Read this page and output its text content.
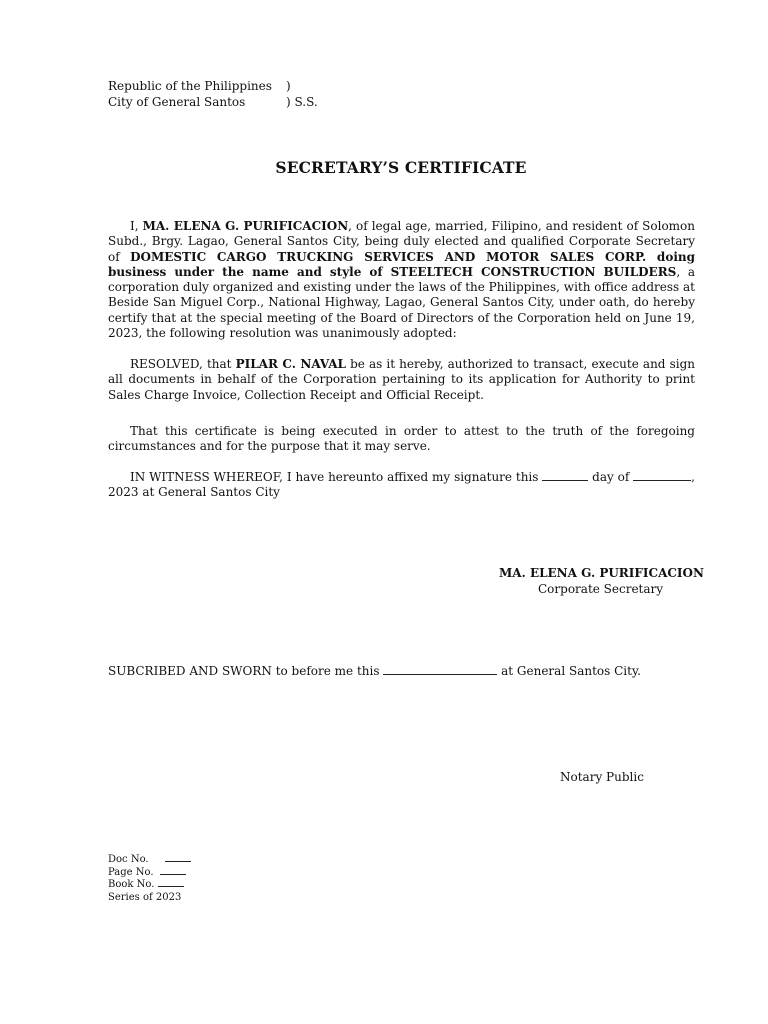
Republic of the Philippines )
City of General Santos	) S.S.
SECRETARY’S CERTIFICATE
I, MA. ELENA G. PURIFICACION, of legal age, married, Filipino, and resident of Solomon Subd., Brgy. Lagao, General Santos City, being duly elected and qualified Corporate Secretary of DOMESTIC CARGO TRUCKING SERVICES AND MOTOR SALES CORP. doing business under the name and style of STEELTECH CONSTRUCTION BUILDERS, a corporation duly organized and existing under the laws of the Philippines, with office address at Beside San Miguel Corp., National Highway, Lagao, General Santos City, under oath, do hereby certify that at the special meeting of the Board of Directors of the Corporation held on June 19, 2023, the following resolution was unanimously adopted:
RESOLVED, that PILAR C. NAVAL be as it hereby, authorized to transact, execute and sign all documents in behalf of the Corporation pertaining to its application for Authority to print Sales Charge Invoice, Collection Receipt and Official Receipt.
That this certificate is being executed in order to attest to the truth of the foregoing circumstances and for the purpose that it may serve.
IN WITNESS WHEREOF, I have hereunto affixed my signature this	day of	, 2023 at General Santos City
MA. ELENA G. PURIFICACION
Corporate Secretary
SUBCRIBED AND SWORN to before me this	at General Santos City.
Notary Public
Doc No.
Page No.
Book No.
Series of 2023
